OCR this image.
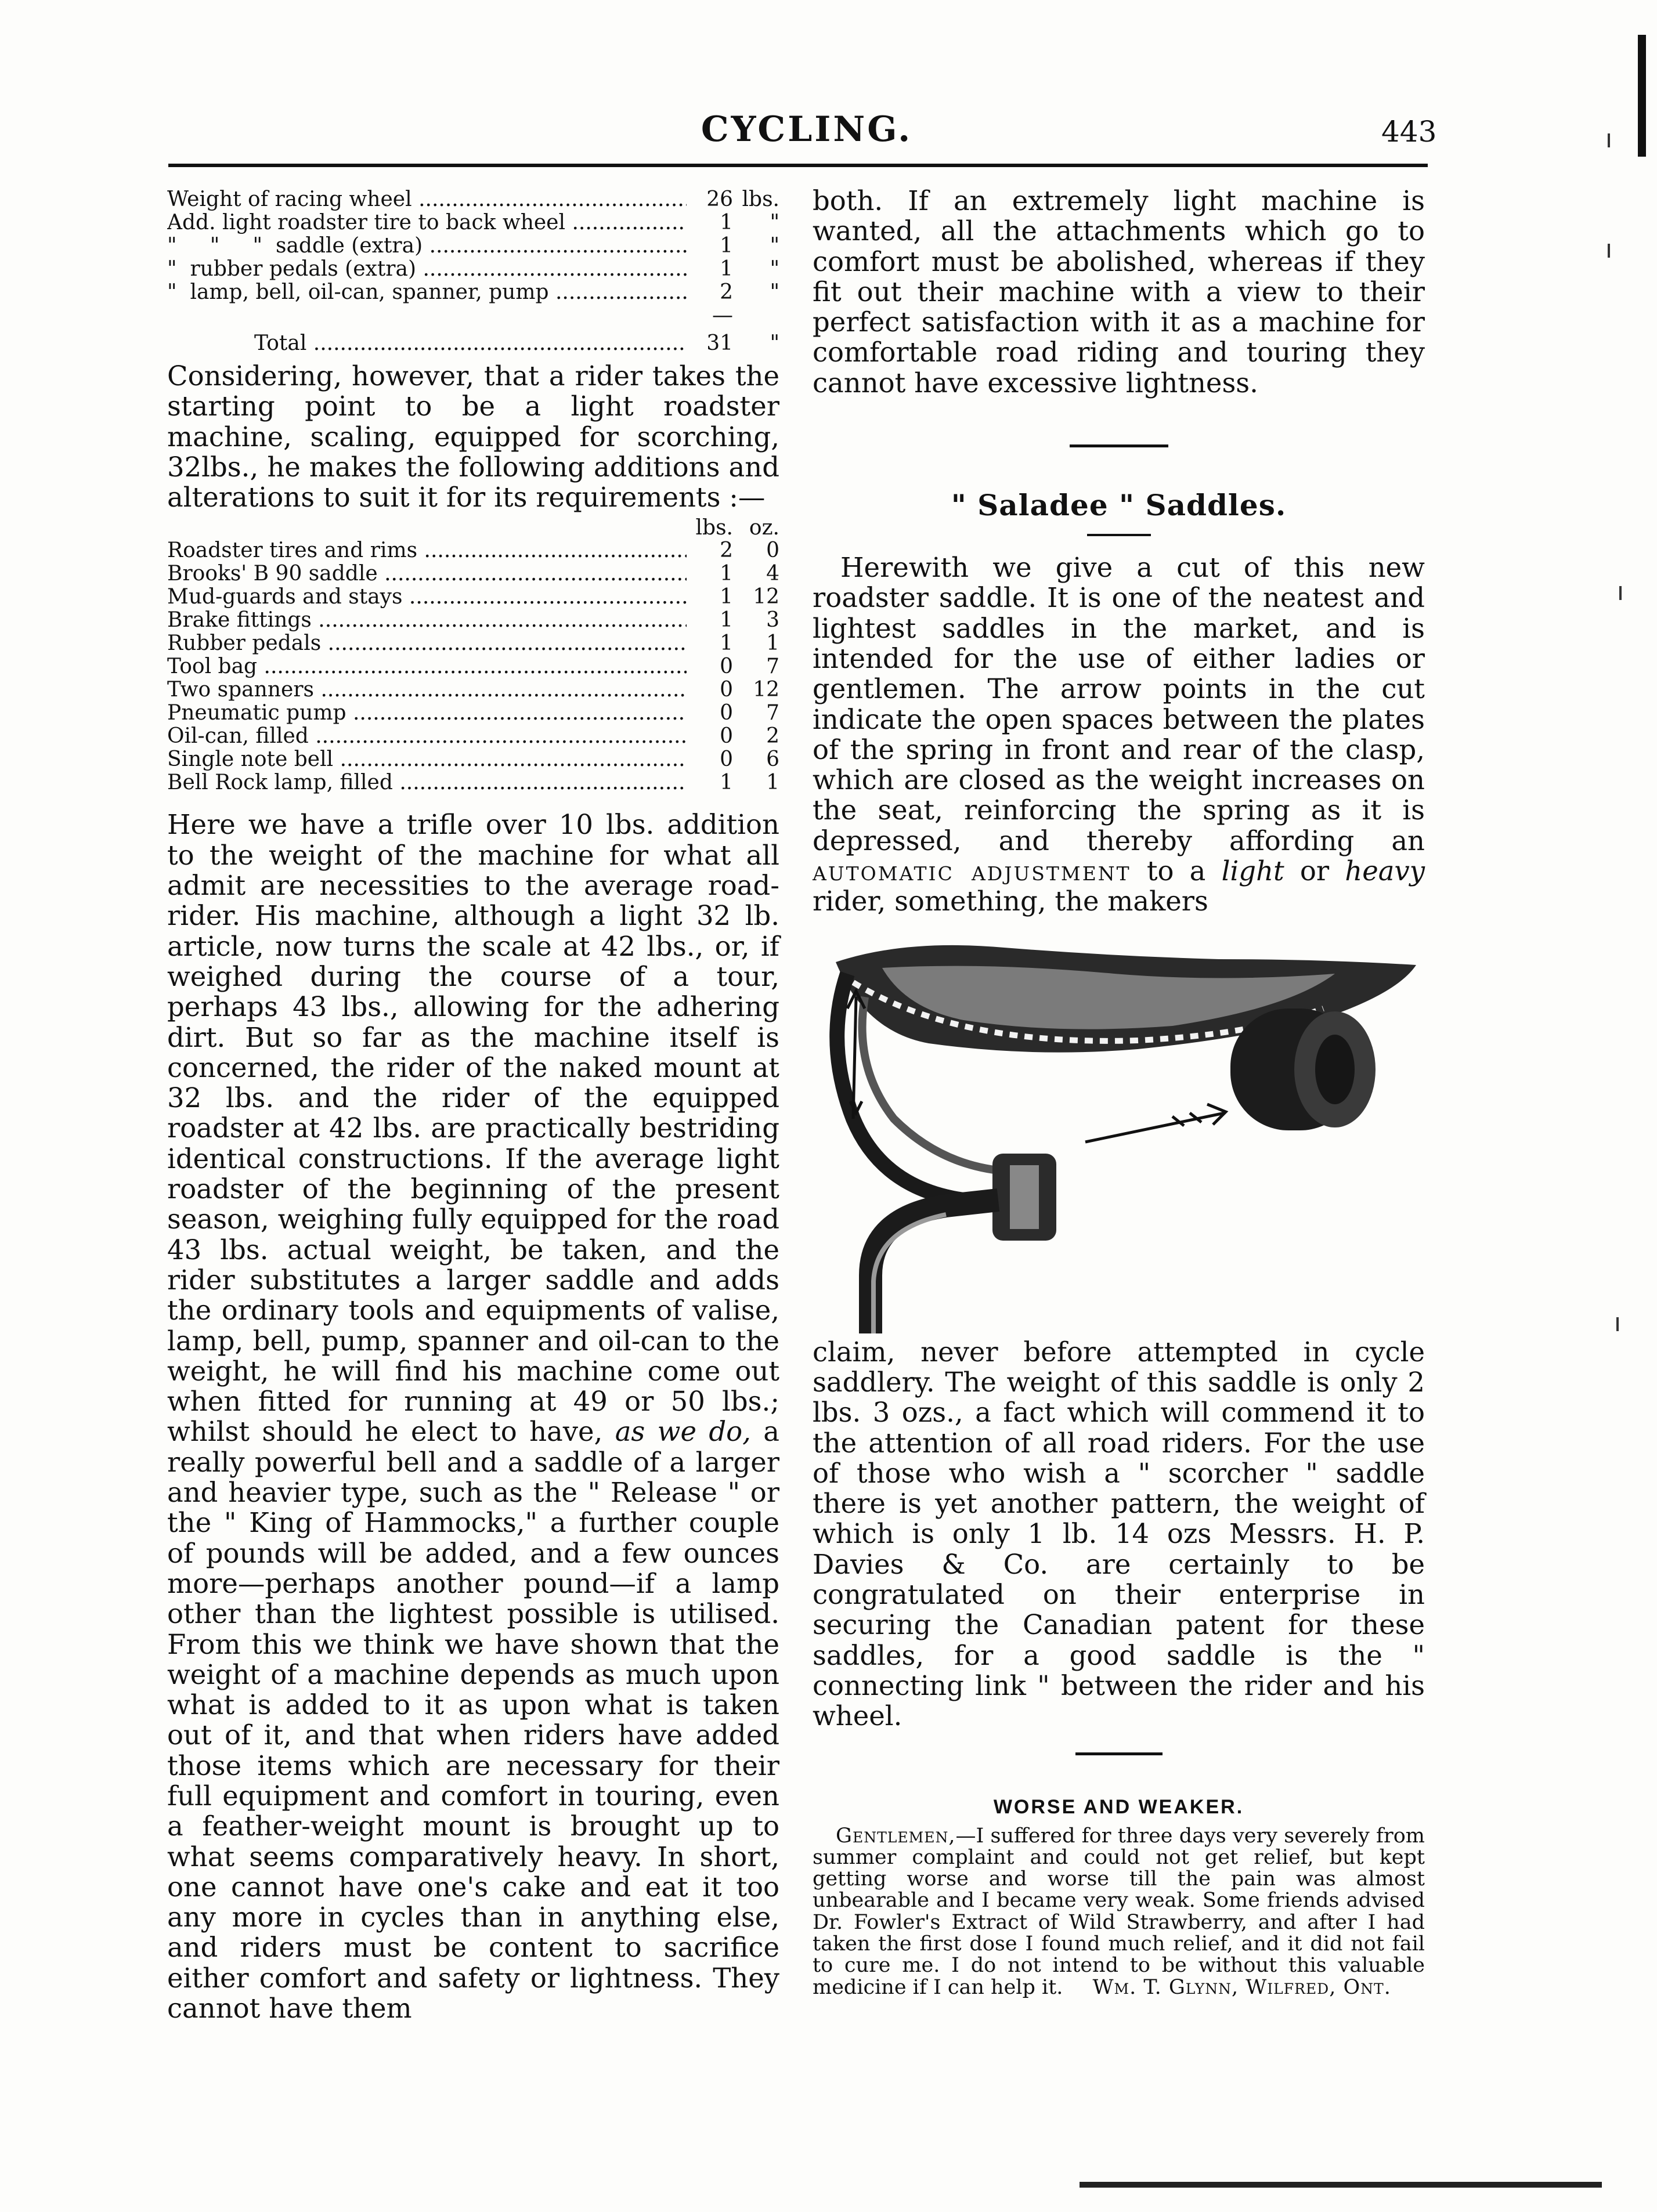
CYCLING.	443
Weight of racing wheel .....	26 lbs.
Add. light roadster tire to back wheel .....	1	"
"     "     "  saddle (extra) .....	1	"
"  rubber pedals (extra) .....	1	"
"  lamp, bell, oil-can, spanner, pump .....	2	"
—
Total .....	31	"

Considering, however, that a rider takes the starting point to be a light roadster machine, scaling, equipped for scorching, 32lbs., he makes the following additions and alterations to suit it for its requirements :—

lbs. oz.
Roadster tires and rims .....	2	0
Brooks' B 90 saddle .....	1	4
Mud-guards and stays .....	1 12
Brake fittings .....	1	3
Rubber pedals .....	1	1
Tool bag .....	0	7
Two spanners .....	0 12
Pneumatic pump .....	0	7
Oil-can, filled .....	0	2
Single note bell .....	0	6
Bell Rock lamp, filled .....	1	1

Here we have a trifle over 10 lbs. addition to the weight of the machine for what all admit are necessities to the average road-rider. His machine, although a light 32 lb. article, now turns the scale at 42 lbs., or, if weighed during the course of a tour, perhaps 43 lbs., allowing for the adhering dirt. But so far as the machine itself is concerned, the rider of the naked mount at 32 lbs. and the rider of the equipped roadster at 42 lbs. are practically bestriding identical constructions. If the average light roadster of the beginning of the present season, weighing fully equipped for the road 43 lbs. actual weight, be taken, and the rider substitutes a larger saddle and adds the ordinary tools and equipments of valise, lamp, bell, pump, spanner and oil-can to the weight, he will find his machine come out when fitted for running at 49 or 50 lbs.; whilst should he elect to have, as we do, a really powerful bell and a saddle of a larger and heavier type, such as the " Release " or the " King of Hammocks," a further couple of pounds will be added, and a few ounces more—perhaps another pound—if a lamp other than the lightest possible is utilised. From this we think we have shown that the weight of a machine depends as much upon what is added to it as upon what is taken out of it, and that when riders have added those items which are necessary for their full equipment and comfort in touring, even a feather-weight mount is brought up to what seems comparatively heavy. In short, one cannot have one's cake and eat it too any more in cycles than in anything else, and riders must be content to sacrifice either comfort and safety or lightness. They cannot have them

both. If an extremely light machine is wanted, all the attachments which go to comfort must be abolished, whereas if they fit out their machine with a view to their perfect satisfaction with it as a machine for comfortable road riding and touring they cannot have excessive lightness.

" Saladee " Saddles.

Herewith we give a cut of this new roadster saddle. It is one of the neatest and lightest saddles in the market, and is intended for the use of either ladies or gentlemen. The arrow points in the cut indicate the open spaces between the plates of the spring in front and rear of the clasp, which are closed as the weight increases on the seat, reinforcing the spring as it is depressed, and thereby affording an automatic adjustment to a light or heavy rider, something, the makers

claim, never before attempted in cycle saddlery. The weight of this saddle is only 2 lbs. 3 ozs., a fact which will commend it to the attention of all road riders. For the use of those who wish a " scorcher " saddle there is yet another pattern, the weight of which is only 1 lb. 14 ozs Messrs. H. P. Davies & Co. are certainly to be congratulated on their enterprise in securing the Canadian patent for these saddles, for a good saddle is the " connecting link " between the rider and his wheel.

WORSE AND WEAKER.

Gentlemen,—I suffered for three days very severely from summer complaint and could not get relief, but kept getting worse and worse till the pain was almost unbearable and I became very weak. Some friends advised Dr. Fowler's Extract of Wild Strawberry, and after I had taken the first dose I found much relief, and it did not fail to cure me. I do not intend to be without this valuable medicine if I can help it. Wm. T. Glynn, Wilfred, Ont.
